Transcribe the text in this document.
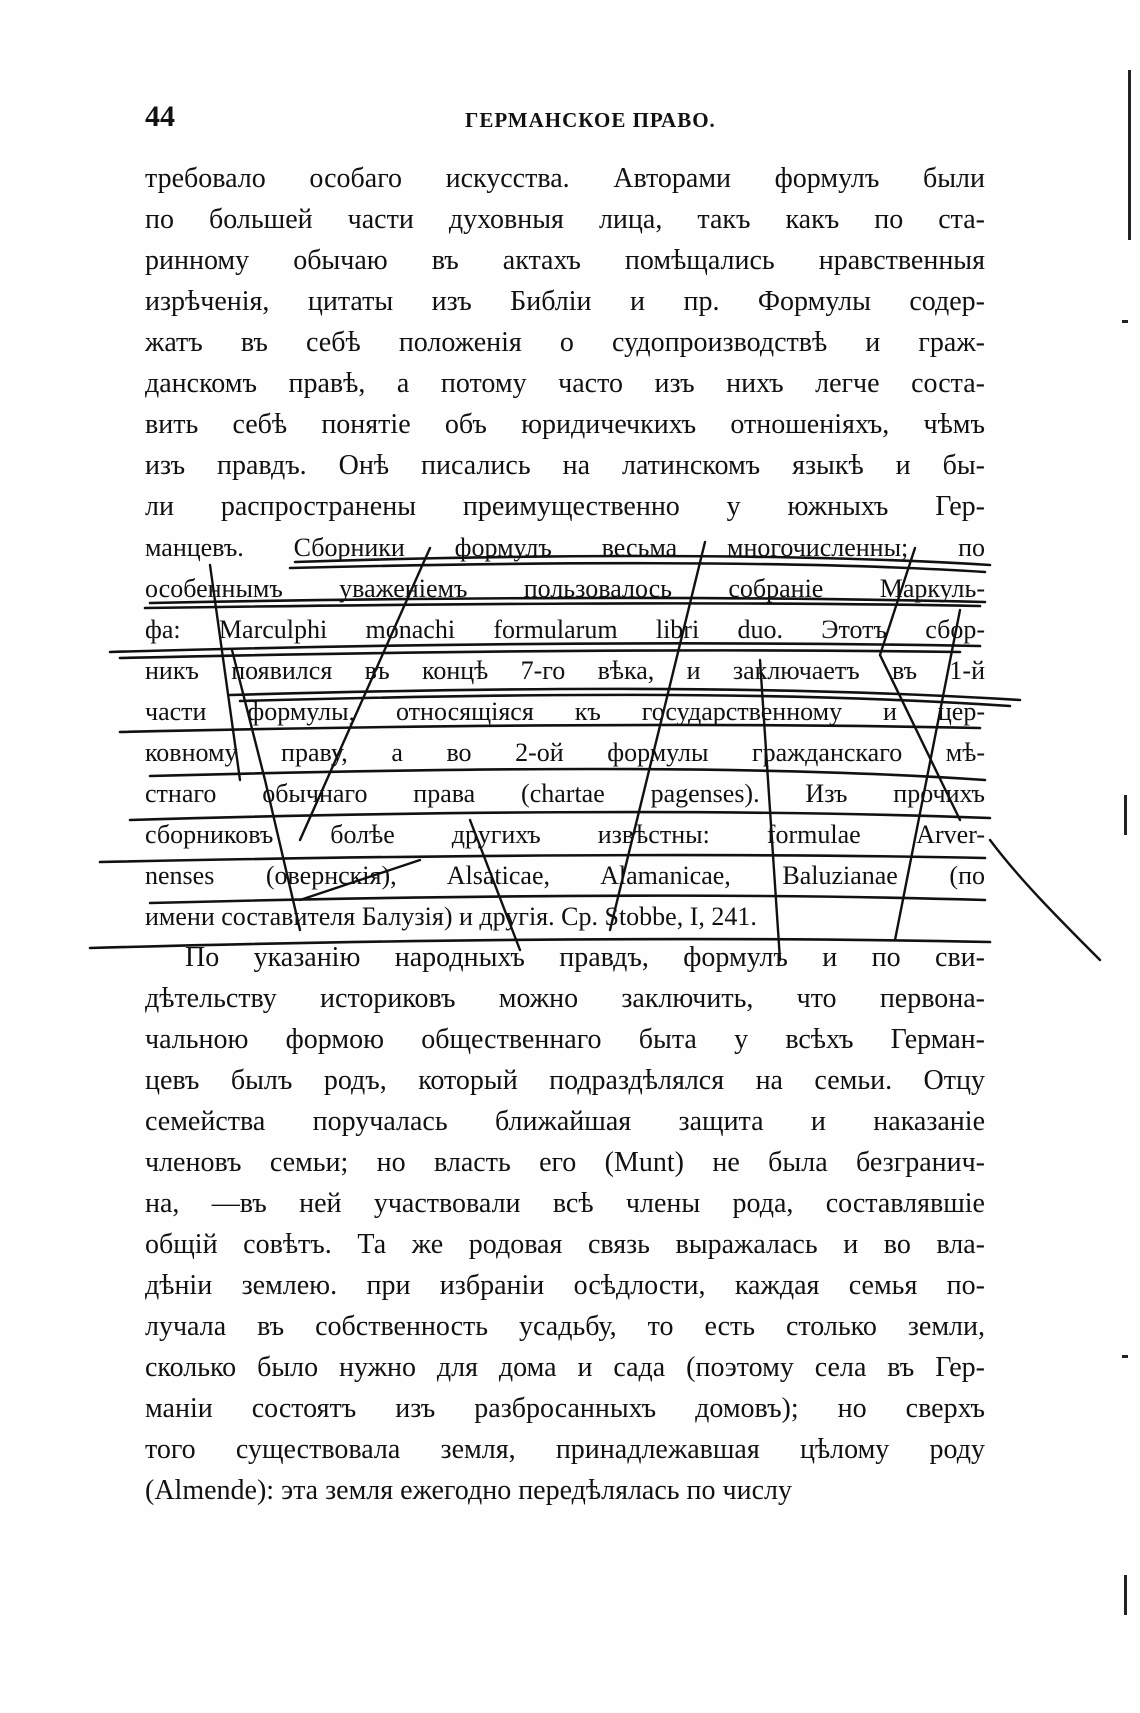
44	ГЕРМАНСКОЕ ПРАВО.
требовало особаго искусства. Авторами формулъ были
по большей части духовныя лица, такъ какъ по ста-
ринному обычаю въ актахъ помѣщались нравственныя
изрѣченія, цитаты изъ Библіи и пр. Формулы содер-
жатъ въ себѣ положенія о судопроизводствѣ и граж-
данскомъ правѣ, а потому часто изъ нихъ легче соста-
вить себѣ понятіе объ юридичечкихъ отношеніяхъ, чѣмъ
изъ правдъ. Онѣ писались на латинскомъ языкѣ и бы-
ли распространены преимущественно у южныхъ Гер-
манцевъ. Сборники формулъ весьма многочисленны; по
особеннымъ уваженіемъ пользовалось собраніе Маркуль-
фа: Marculphi monachi formularum libri duo. Этотъ сбор-
никъ появился въ концѣ 7-го вѣка, и заключаетъ въ 1-й
части формулы, относящіяся къ государственному и цер-
ковному праву, а во 2-ой формулы гражданскаго мѣ-
стнаго обычнаго права (chartae pagenses). Изъ прочихъ
сборниковъ болѣе другихъ извѣстны: formulae Arver-
nenses (овернскія), Alsaticae, Alamanicae, Baluzianae (по
имени составителя Балузія) и другія. Ср. Stobbe, I, 241.
По указанію народныхъ правдъ, формулъ и по сви-
дѣтельству историковъ можно заключить, что первона-
чальною формою общественнаго быта у всѣхъ Герман-
цевъ былъ родъ, который подраздѣлялся на семьи. Отцу
семейства поручалась ближайшая защита и наказаніе
членовъ семьи; но власть его (Munt) не была безгранич-
на, —въ ней участвовали всѣ члены рода, составлявшіе
общій совѣтъ. Та же родовая связь выражалась и во вла-
дѣніи землею. при избраніи осѣдлости, каждая семья по-
лучала въ собственность усадьбу, то есть столько земли,
сколько было нужно для дома и сада (поэтому села въ Гер-
маніи состоятъ изъ разбросанныхъ домовъ); но сверхъ
того существовала земля, принадлежавшая цѣлому роду
(Almende): эта земля ежегодно передѣлялась по числу
